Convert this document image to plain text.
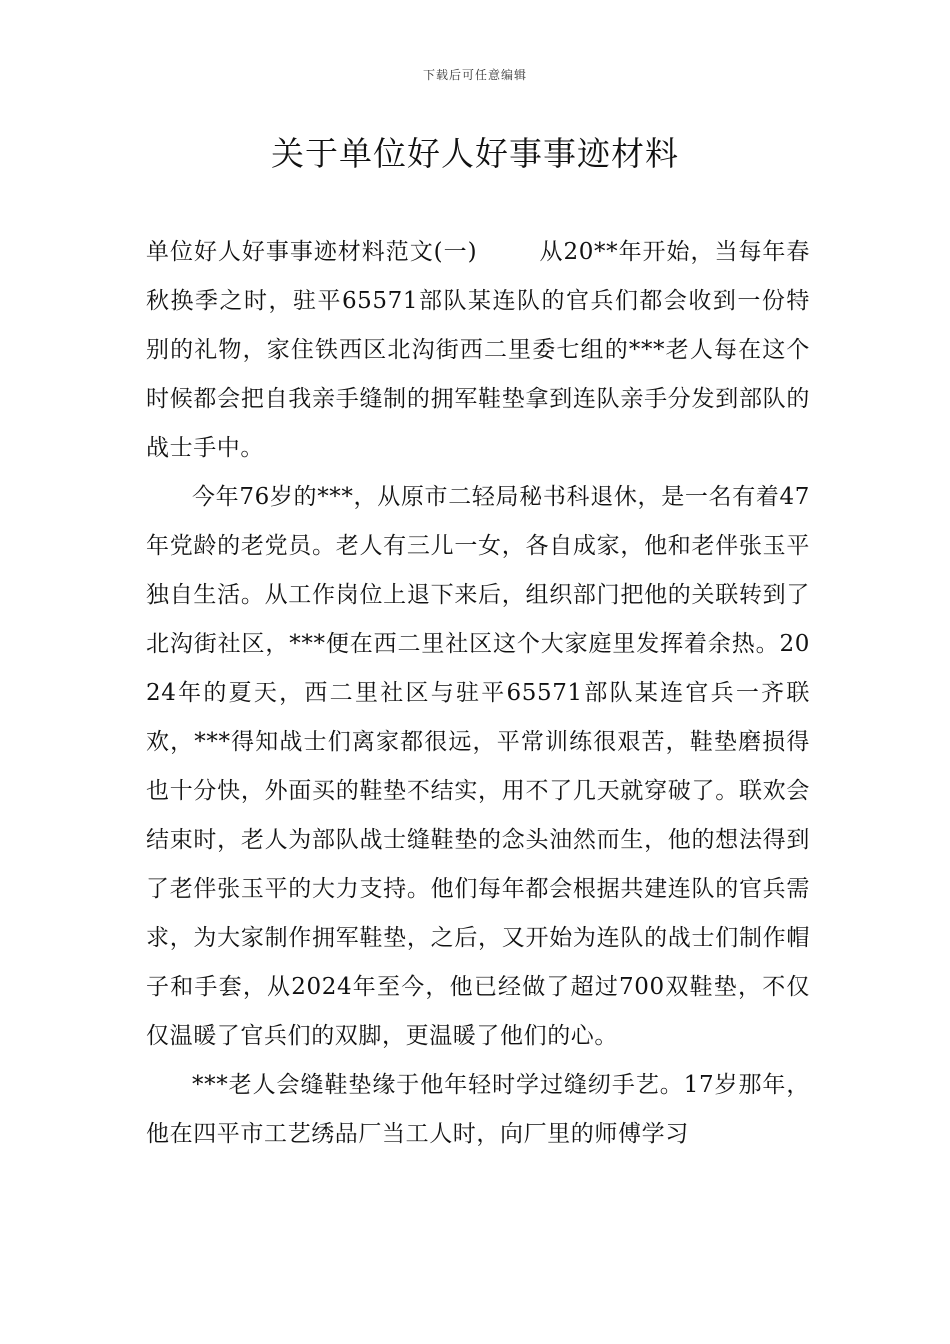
下载后可任意编辑
关于单位好人好事事迹材料

单位好人好事事迹材料范文(一)	从20**年开始，当每年春秋换季之时，驻平65571部队某连队的官兵们都会收到一份特别的礼物，家住铁西区北沟街西二里委七组的***老人每在这个时候都会把自我亲手缝制的拥军鞋垫拿到连队亲手分发到部队的战士手中。

今年76岁的***，从原市二轻局秘书科退休，是一名有着47年党龄的老党员。老人有三儿一女，各自成家，他和老伴张玉平独自生活。从工作岗位上退下来后，组织部门把他的关联转到了北沟街社区，***便在西二里社区这个大家庭里发挥着余热。2024年的夏天，西二里社区与驻平65571部队某连官兵一齐联欢，***得知战士们离家都很远，平常训练很艰苦，鞋垫磨损得也十分快，外面买的鞋垫不结实，用不了几天就穿破了。联欢会结束时，老人为部队战士缝鞋垫的念头油然而生，他的想法得到了老伴张玉平的大力支持。他们每年都会根据共建连队的官兵需求，为大家制作拥军鞋垫，之后，又开始为连队的战士们制作帽子和手套，从2024年至今，他已经做了超过700双鞋垫，不仅仅温暖了官兵们的双脚，更温暖了他们的心。

***老人会缝鞋垫缘于他年轻时学过缝纫手艺。17岁那年，他在四平市工艺绣品厂当工人时，向厂里的师傅学习
